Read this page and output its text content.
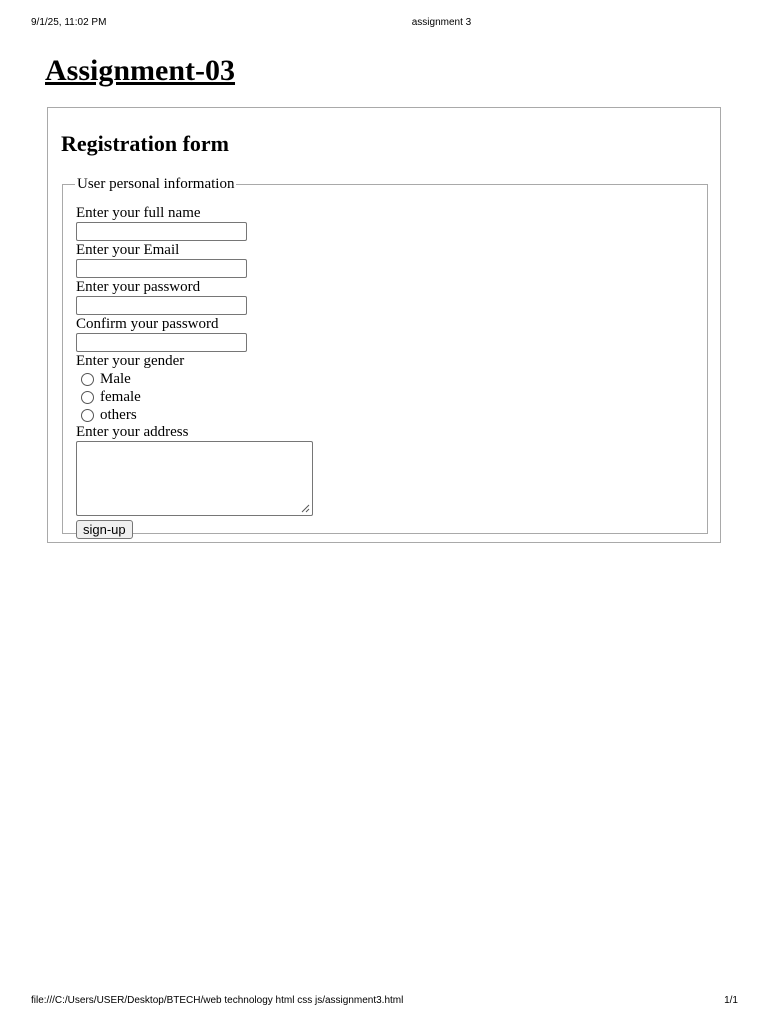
9/1/25, 11:02 PM	assignment 3
Assignment-03
Registration form
User personal information
Enter your full name
Enter your Email
Enter your password
Confirm your password
Enter your gender
Male
female
others
Enter your address
sign-up
file:///C:/Users/USER/Desktop/BTECH/web technology html css js/assignment3.html	1/1
